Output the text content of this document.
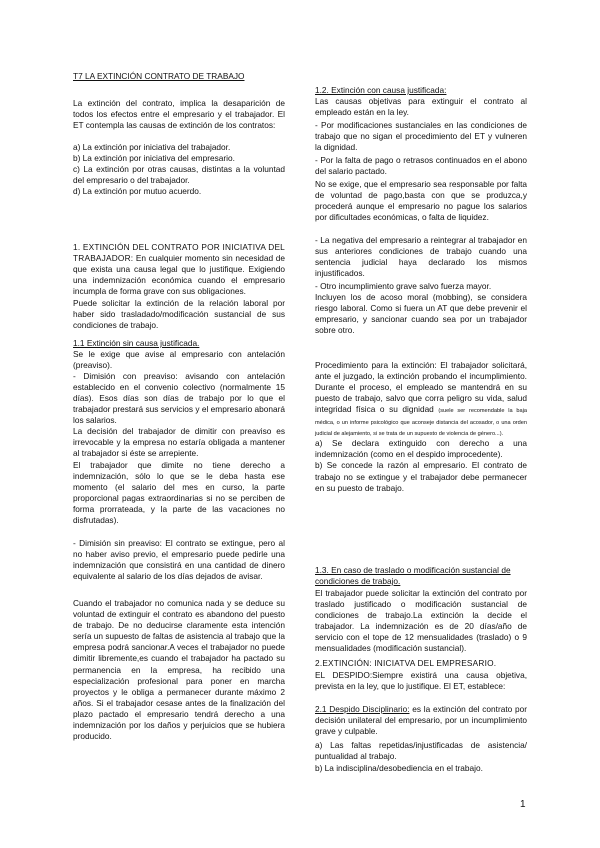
T7 LA EXTINCIÓN CONTRATO DE TRABAJO

La extinción del contrato, implica la desaparición de todos los efectos entre el empresario y el trabajador. El ET contempla las causas de extinción de los contratos:

a) La extinción por iniciativa del trabajador.

b) La extinción por iniciativa del empresario.

c) La extinción por otras causas, distintas a la voluntad del empresario o del trabajador.

d) La extinción por mutuo acuerdo.

1. EXTINCIÓN DEL CONTRATO POR INICIATIVA DEL TRABAJADOR: En cualquier momento sin necesidad de que exista una causa legal que lo justifique. Exigiendo una indemnización económica cuando el empresario incumpla de forma grave con sus obligaciones.

Puede solicitar la extinción de la relación laboral por haber sido trasladado/modificación sustancial de sus condiciones de trabajo.

1.1 Extinción sin causa justificada.

Se le exige que avise al empresario con antelación (preaviso).

- Dimisión con preaviso: avisando con antelación establecido en el convenio colectivo (normalmente 15 días). Esos días son días de trabajo por lo que el trabajador prestará sus servicios y el empresario abonará los salarios.

La decisión del trabajador de dimitir con preaviso es irrevocable y la empresa no estaría obligada a mantener al trabajador si éste se arrepiente.

El trabajador que dimite no tiene derecho a indemnización, sólo lo que se le deba hasta ese momento (el salario del mes en curso, la parte proporcional pagas extraordinarias si no se perciben de forma prorrateada, y la parte de las vacaciones no disfrutadas).

- Dimisión sin preaviso: El contrato se extingue, pero al no haber aviso previo, el empresario puede pedirle una indemnización que consistirá en una cantidad de dinero equivalente al salario de los días dejados de avisar.

Cuando el trabajador no comunica nada y se deduce su voluntad de extinguir el contrato es abandono del puesto de trabajo. De no deducirse claramente esta intención sería un supuesto de faltas de asistencia al trabajo que la empresa podrá sancionar.A veces el trabajador no puede dimitir libremente,es cuando el trabajador ha pactado su permanencia en la empresa, ha recibido una especialización profesional para poner en marcha proyectos y le obliga a permanecer durante máximo 2 años. Si el trabajador cesase antes de la finalización del plazo pactado el empresario tendrá derecho a una indemnización por los daños y perjuicios que se hubiera producido.

1.2. Extinción con causa justificada:

Las causas objetivas para extinguir el contrato al empleado están en la ley.

- Por modificaciones sustanciales en las condiciones de trabajo que no sigan el procedimiento del ET y vulneren la dignidad.

- Por la falta de pago o retrasos continuados en el abono del salario pactado.

No se exige, que el empresario sea responsable por falta de voluntad de pago,basta con que se produzca,y procederá aunque el empresario no pague los salarios por dificultades económicas, o falta de liquidez.

- La negativa del empresario a reintegrar al trabajador en sus anteriores condiciones de trabajo cuando una sentencia judicial haya declarado los mismos injustificados.

- Otro incumplimiento grave salvo fuerza mayor.

Incluyen los de acoso moral (mobbing), se considera riesgo laboral. Como si fuera un AT que debe prevenir el empresario, y sancionar cuando sea por un trabajador sobre otro.

Procedimiento para la extinción: El trabajador solicitará, ante el juzgado, la extinción probando el incumplimiento. Durante el proceso, el empleado se mantendrá en su puesto de trabajo, salvo que corra peligro su vida, salud integridad física o su dignidad (suele ser recomendable la baja médica, o un informe psicológico que aconseje distancia del acosador, o una orden judicial de alejamiento, si se trata de un supuesto de violencia de género...).

a) Se declara extinguido con derecho a una indemnización (como en el despido improcedente).

b) Se concede la razón al empresario. El contrato de trabajo no se extingue y el trabajador debe permanecer en su puesto de trabajo.

1.3. En caso de traslado o modificación sustancial de condiciones de trabajo.

El trabajador puede solicitar la extinción del contrato por traslado justificado o modificación sustancial de condiciones de trabajo.La extinción la decide el trabajador. La indemnización es de 20 días/año de servicio con el tope de 12 mensualidades (traslado) o 9 mensualidades (modificación sustancial).

2.EXTINCIÓN: INICIATVA DEL EMPRESARIO.

EL DESPIDO:Siempre existirá una causa objetiva, prevista en la ley, que lo justifique. El ET, establece:

2.1 Despido Disciplinario: es la extinción del contrato por decisión unilateral del empresario, por un incumplimiento grave y culpable.

a) Las faltas repetidas/injustificadas de asistencia/ puntualidad al trabajo.

b) La indisciplina/desobediencia en el trabajo.

1
